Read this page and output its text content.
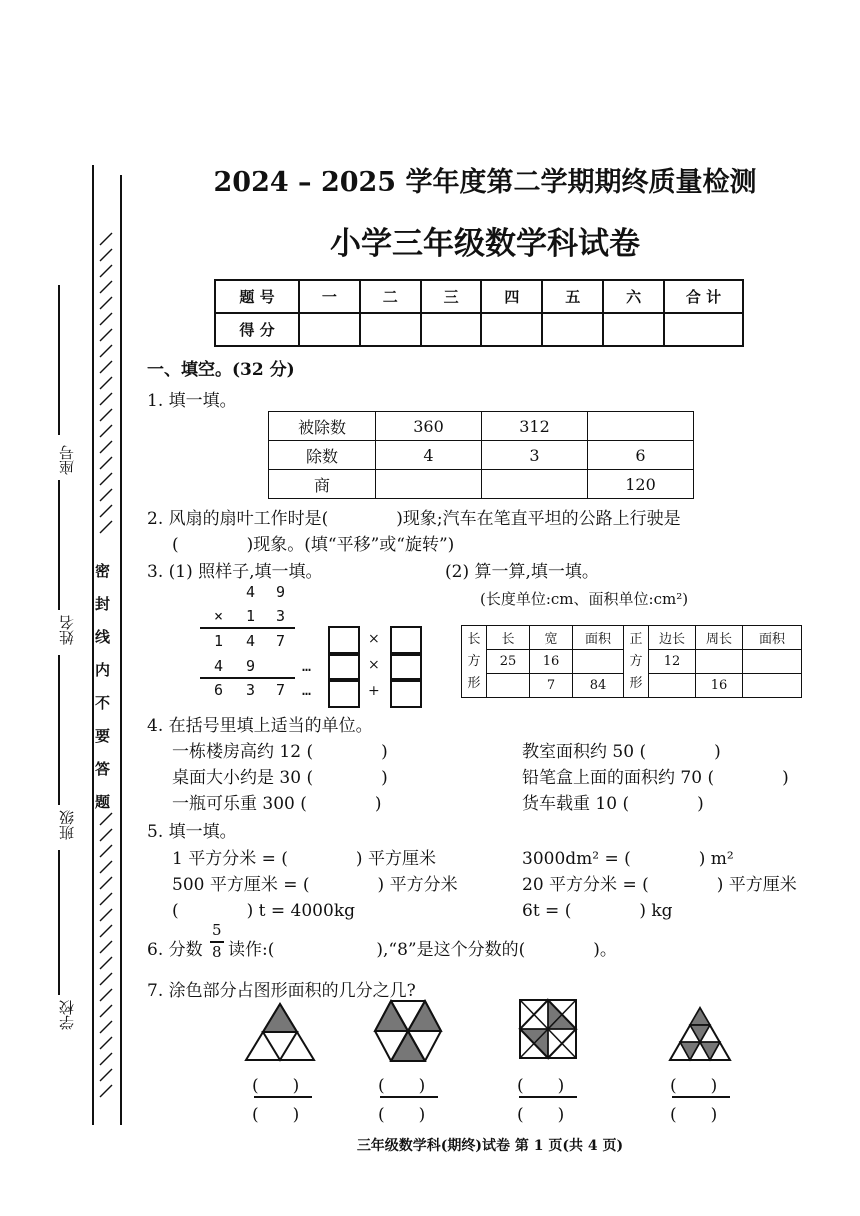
密
封
线
内
不
要
答
题
座号
姓名
班级
学校
2024 – 2025 学年度第二学期期终质量检测
小学三年级数学科试卷
题 号	一	二	三	四	五	六	合 计
得 分							
一、填空。(32 分)
1. 填一填。
被除数	360	312	
除数	4	3	6
商			120
2. 风扇的扇叶工作时是(　　　　)现象;汽车在笔直平坦的公路上行驶是
(　　　　)现象。(填“平移”或“旋转”)
3. (1) 照样子,填一填。	(2) 算一算,填一填。
(长度单位:cm、面积单位:cm²)
4 9
× 1 3
1 4 7
4 9
6 3 7
…
…
×
×
+
长
方
形	长	宽	面积	正
方
形	边长	周长	面积
	25	16			12		
		7	84			16	
4. 在括号里填上适当的单位。
一栋楼房高约 12 (　　　　)	教室面积约 50 (　　　　)
桌面大小约是 30 (　　　　)	铅笔盒上面的面积约 70 (　　　　)
一瓶可乐重 300 (　　　　)	货车载重 10 (　　　　)
5. 填一填。
1 平方分米 = (　　　　) 平方厘米	3000dm² = (　　　　) m²
500 平方厘米 = (　　　　) 平方分米	20 平方分米 = (　　　　) 平方厘米
(　　　　) t = 4000kg	6t = (　　　　) kg
6. 分数
5
8 读作:(　　　　　　),“8”是这个分数的(　　　　)。
7. 涂色部分占图形面积的几分之几?
(　　)
(　　)
(　　)
(　　)
(　　)
(　　)
(　　)
(　　)
三年级数学科(期终)试卷 第 1 页(共 4 页)
